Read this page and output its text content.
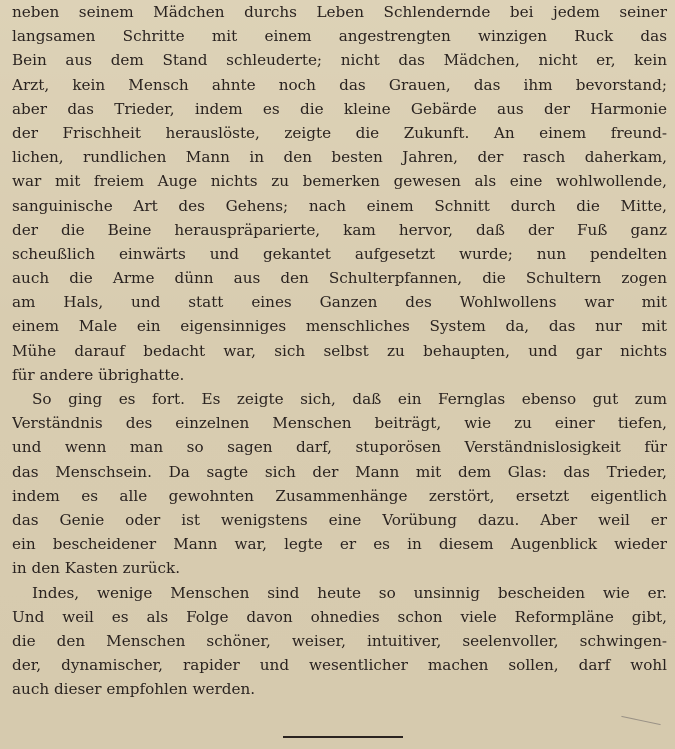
neben seinem Mädchen durchs Leben Schlendernde bei jedem seiner
langsamen Schritte mit einem angestrengten winzigen Ruck das
Bein aus dem Stand schleuderte; nicht das Mädchen, nicht er, kein
Arzt, kein Mensch ahnte noch das Grauen, das ihm bevorstand;
aber das Trieder, indem es die kleine Gebärde aus der Harmonie
der Frischheit herauslöste, zeigte die Zukunft. An einem freund-
lichen, rundlichen Mann in den besten Jahren, der rasch daherkam,
war mit freiem Auge nichts zu bemerken gewesen als eine wohlwollende,
sanguinische Art des Gehens; nach einem Schnitt durch die Mitte,
der die Beine herauspräparierte, kam hervor, daß der Fuß ganz
scheußlich einwärts und gekantet aufgesetzt wurde; nun pendelten
auch die Arme dünn aus den Schulterpfannen, die Schultern zogen
am Hals, und statt eines Ganzen des Wohlwollens war mit
einem Male ein eigensinniges menschliches System da, das nur mit
Mühe darauf bedacht war, sich selbst zu behaupten, und gar nichts
für andere übrighatte.
So ging es fort. Es zeigte sich, daß ein Fernglas ebenso gut zum
Verständnis des einzelnen Menschen beiträgt, wie zu einer tiefen,
und wenn man so sagen darf, stuporösen Verständnislosigkeit für
das Menschsein. Da sagte sich der Mann mit dem Glas: das Trieder,
indem es alle gewohnten Zusammenhänge zerstört, ersetzt eigentlich
das Genie oder ist wenigstens eine Vorübung dazu. Aber weil er
ein bescheidener Mann war, legte er es in diesem Augenblick wieder
in den Kasten zurück.
Indes, wenige Menschen sind heute so unsinnig bescheiden wie er.
Und weil es als Folge davon ohnedies schon viele Reformpläne gibt,
die den Menschen schöner, weiser, intuitiver, seelenvoller, schwingen-
der, dynamischer, rapider und wesentlicher machen sollen, darf wohl
auch dieser empfohlen werden.
